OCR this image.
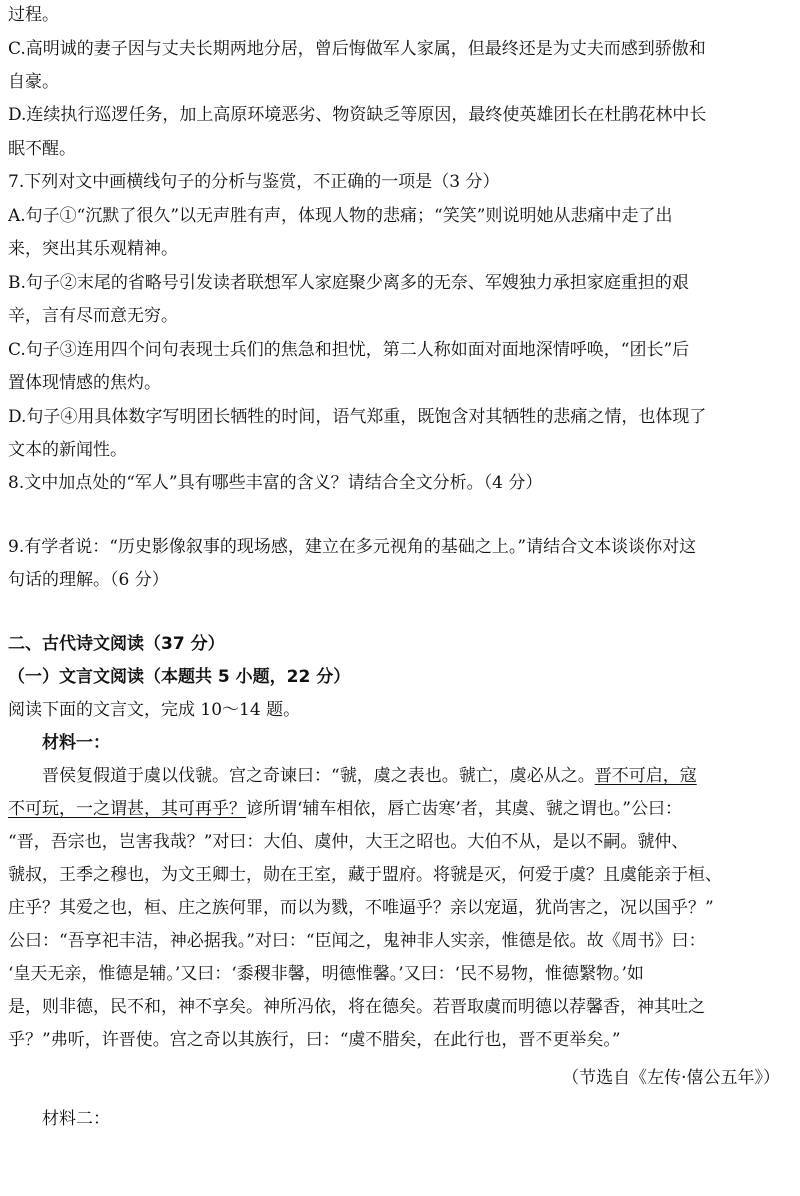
过程。
C.高明诚的妻子因与丈夫长期两地分居，曾后悔做军人家属，但最终还是为丈夫而感到骄傲和
自豪。
D.连续执行巡逻任务，加上高原环境恶劣、物资缺乏等原因，最终使英雄团长在杜鹃花林中长
眠不醒。
7.下列对文中画横线句子的分析与鉴赏，不正确的一项是（3 分）
A.句子①“沉默了很久”以无声胜有声，体现人物的悲痛；“笑笑”则说明她从悲痛中走了出
来，突出其乐观精神。
B.句子②末尾的省略号引发读者联想军人家庭聚少离多的无奈、军嫂独力承担家庭重担的艰
辛，言有尽而意无穷。
C.句子③连用四个问句表现士兵们的焦急和担忧，第二人称如面对面地深情呼唤，“团长”后
置体现情感的焦灼。
D.句子④用具体数字写明团长牺牲的时间，语气郑重，既饱含对其牺牲的悲痛之情，也体现了
文本的新闻性。
8.文中加点处的“军人”具有哪些丰富的含义？请结合全文分析。（4 分）
9.有学者说：“历史影像叙事的现场感，建立在多元视角的基础之上。”请结合文本谈谈你对这
句话的理解。（6 分）
二、古代诗文阅读（37 分）
（一）文言文阅读（本题共 5 小题，22 分）
阅读下面的文言文，完成 10～14 题。
材料一：
晋侯复假道于虞以伐虢。宫之奇谏曰：“虢，虞之表也。虢亡，虞必从之。晋不可启，寇
不可玩，一之谓甚，其可再乎？谚所谓‘辅车相依，唇亡齿寒’者，其虞、虢之谓也。”公曰：
“晋，吾宗也，岂害我哉？”对曰：大伯、虞仲，大王之昭也。大伯不从，是以不嗣。虢仲、
虢叔，王季之穆也，为文王卿士，勋在王室，藏于盟府。将虢是灭，何爱于虞？且虞能亲于桓、
庄乎？其爱之也，桓、庄之族何罪，而以为戮，不唯逼乎？亲以宠逼，犹尚害之，况以国乎？”
公曰：“吾享祀丰洁，神必据我。”对曰：“臣闻之，鬼神非人实亲，惟德是依。故《周书》曰：
‘皇天无亲，惟德是辅。’又曰：‘黍稷非馨，明德惟馨。’又曰：‘民不易物，惟德繄物。’如
是，则非德，民不和，神不享矣。神所冯依，将在德矣。若晋取虞而明德以荐馨香，神其吐之
乎？”弗听，许晋使。宫之奇以其族行，曰：“虞不腊矣，在此行也，晋不更举矣。”
（节选自《左传·僖公五年》）
材料二：
